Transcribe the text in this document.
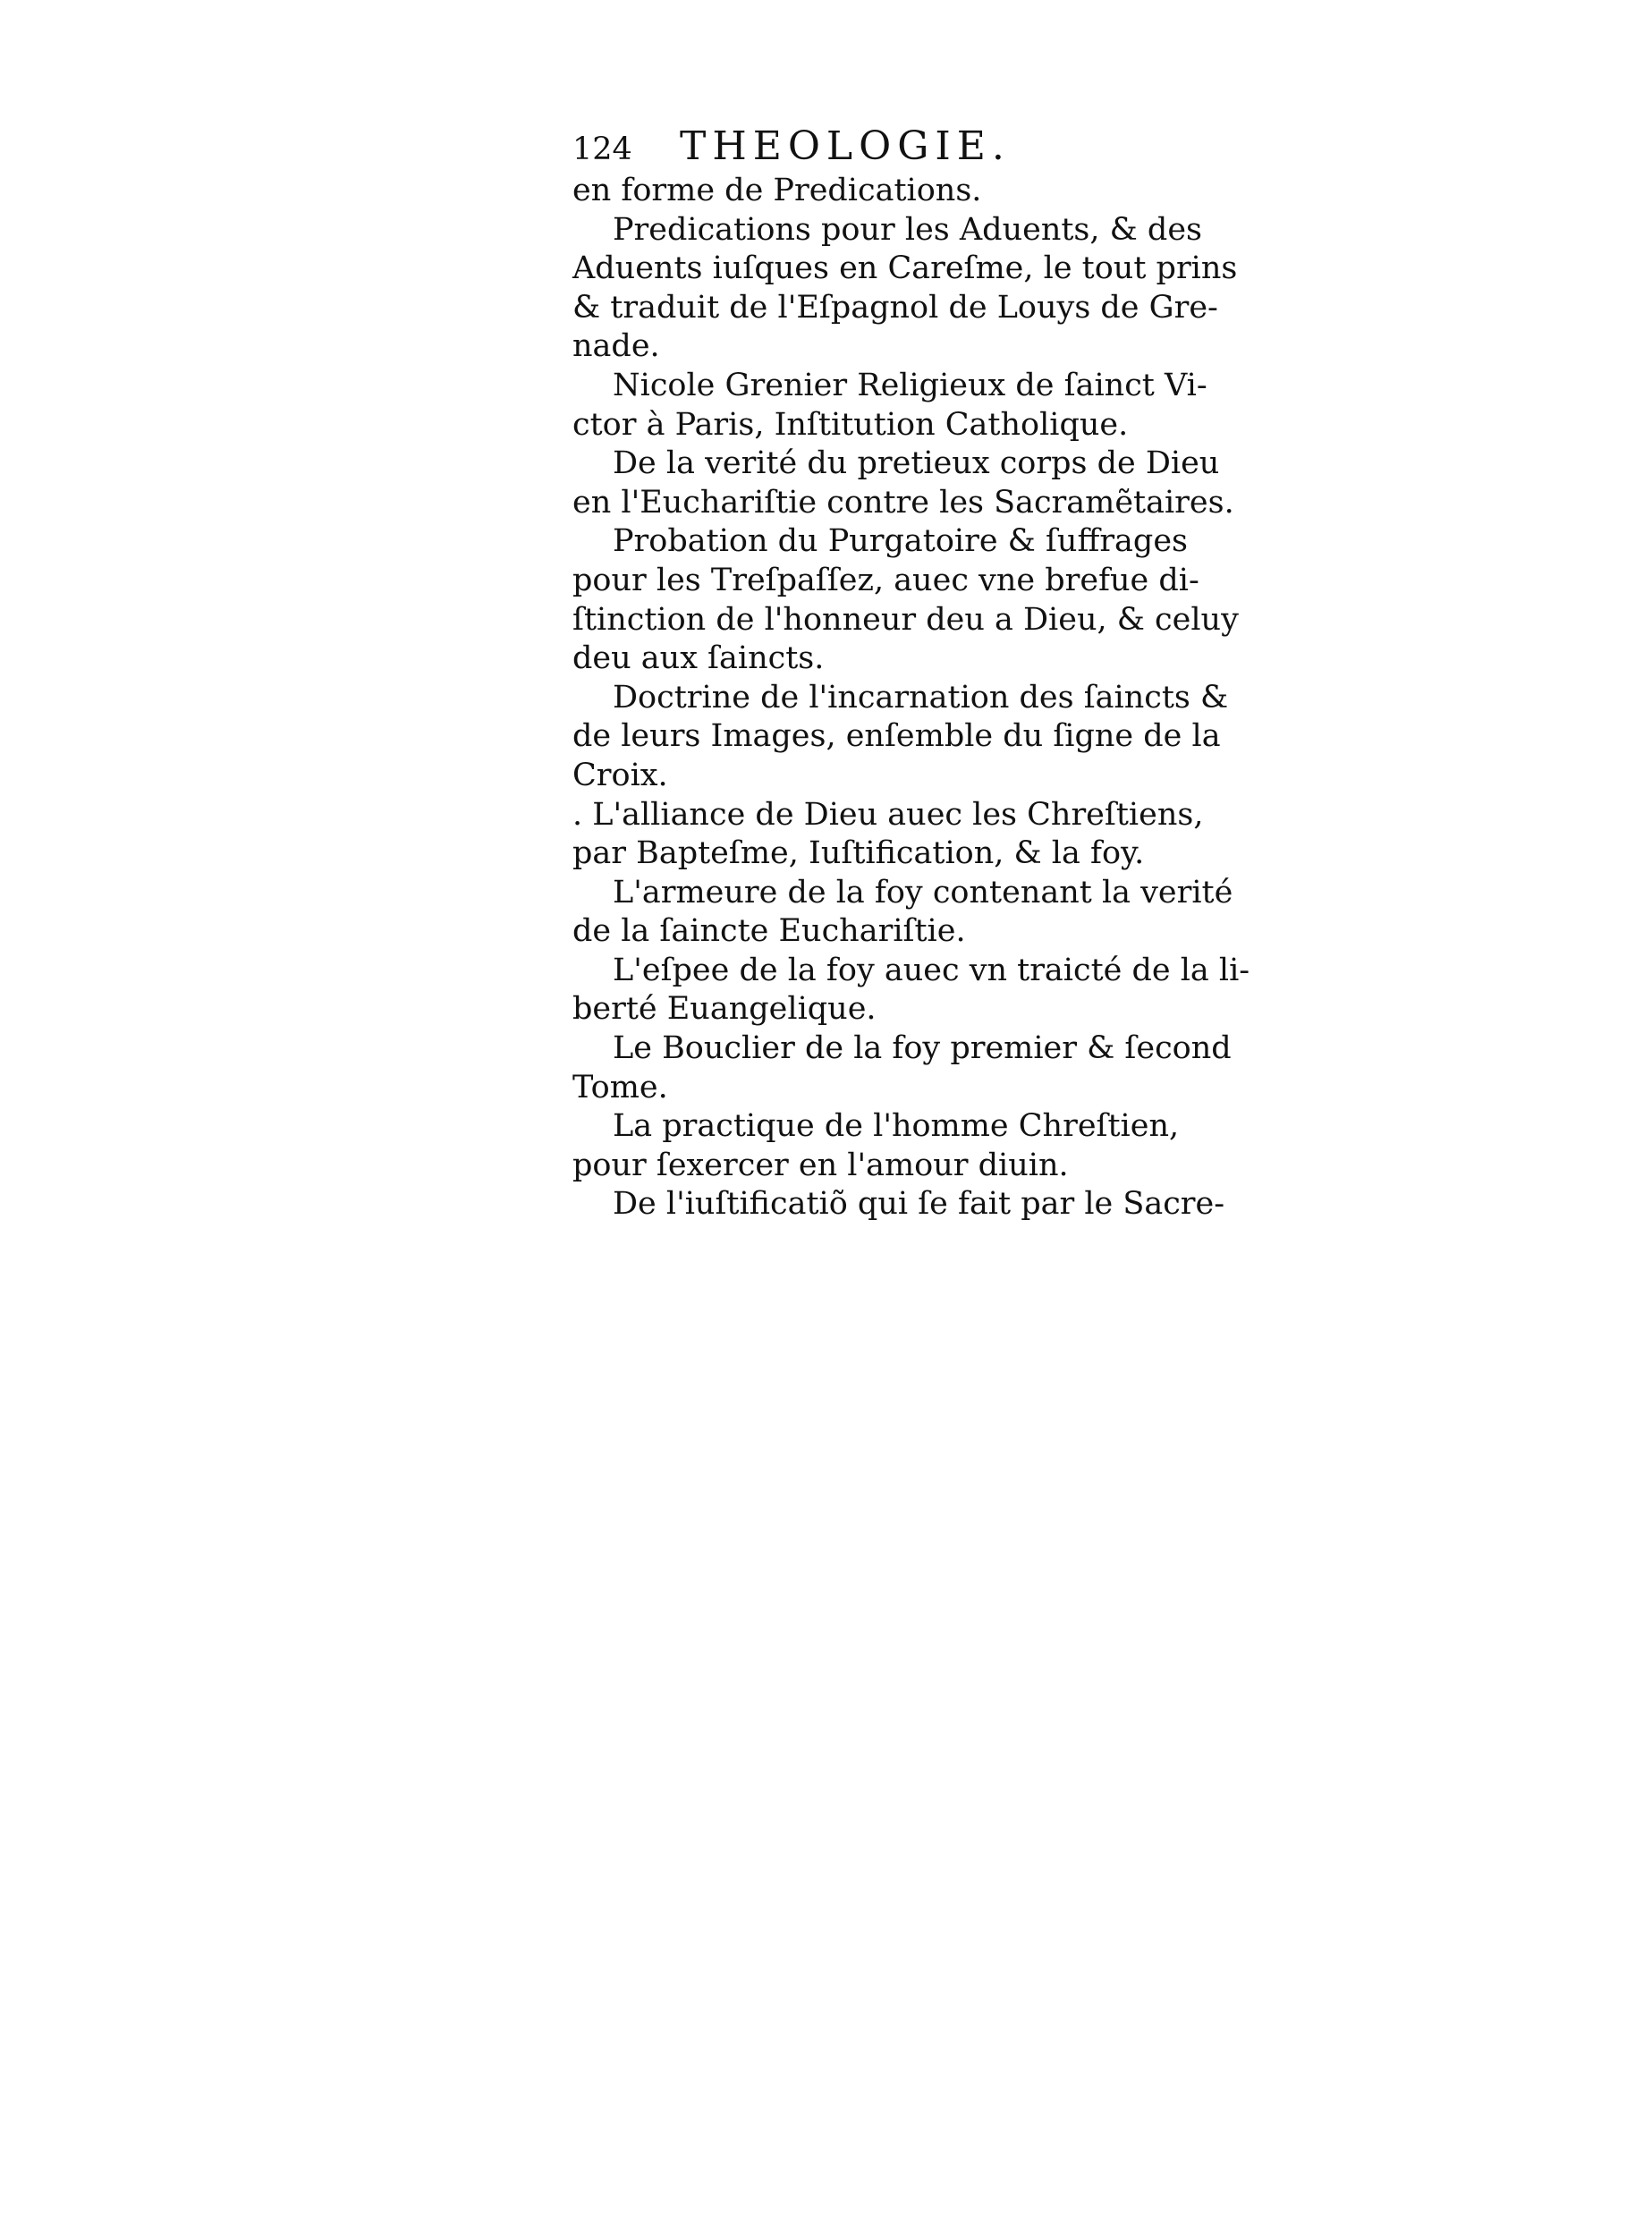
124	THEOLOGIE.
en forme de Predications.
Predications pour les Aduents, & des
Aduents iuſques en Careſme, le tout prins
& traduit de l'Eſpagnol de Louys de Gre-
nade.
Nicole Grenier Religieux de ſainct Vi-
ctor à Paris, Inſtitution Catholique.
De la verité du pretieux corps de Dieu
en l'Euchariſtie contre les Sacramẽtaires.
Probation du Purgatoire & ſuffrages
pour les Treſpaſſez, auec vne brefue di-
ſtinction de l'honneur deu a Dieu, & celuy
deu aux ſaincts.
Doctrine de l'incarnation des ſaincts &
de leurs Images, enſemble du ſigne de la
Croix.
. L'alliance de Dieu auec les Chreſtiens,
par Bapteſme, Iuſtification, & la foy.
L'armeure de la foy contenant la verité
de la ſaincte Euchariſtie.
L'eſpee de la foy auec vn traicté de la li-
berté Euangelique.
Le Bouclier de la foy premier & ſecond
Tome.
La practique de l'homme Chreſtien,
pour ſexercer en l'amour diuin.
De l'iuſtificatiõ qui ſe fait par le Sacre-
